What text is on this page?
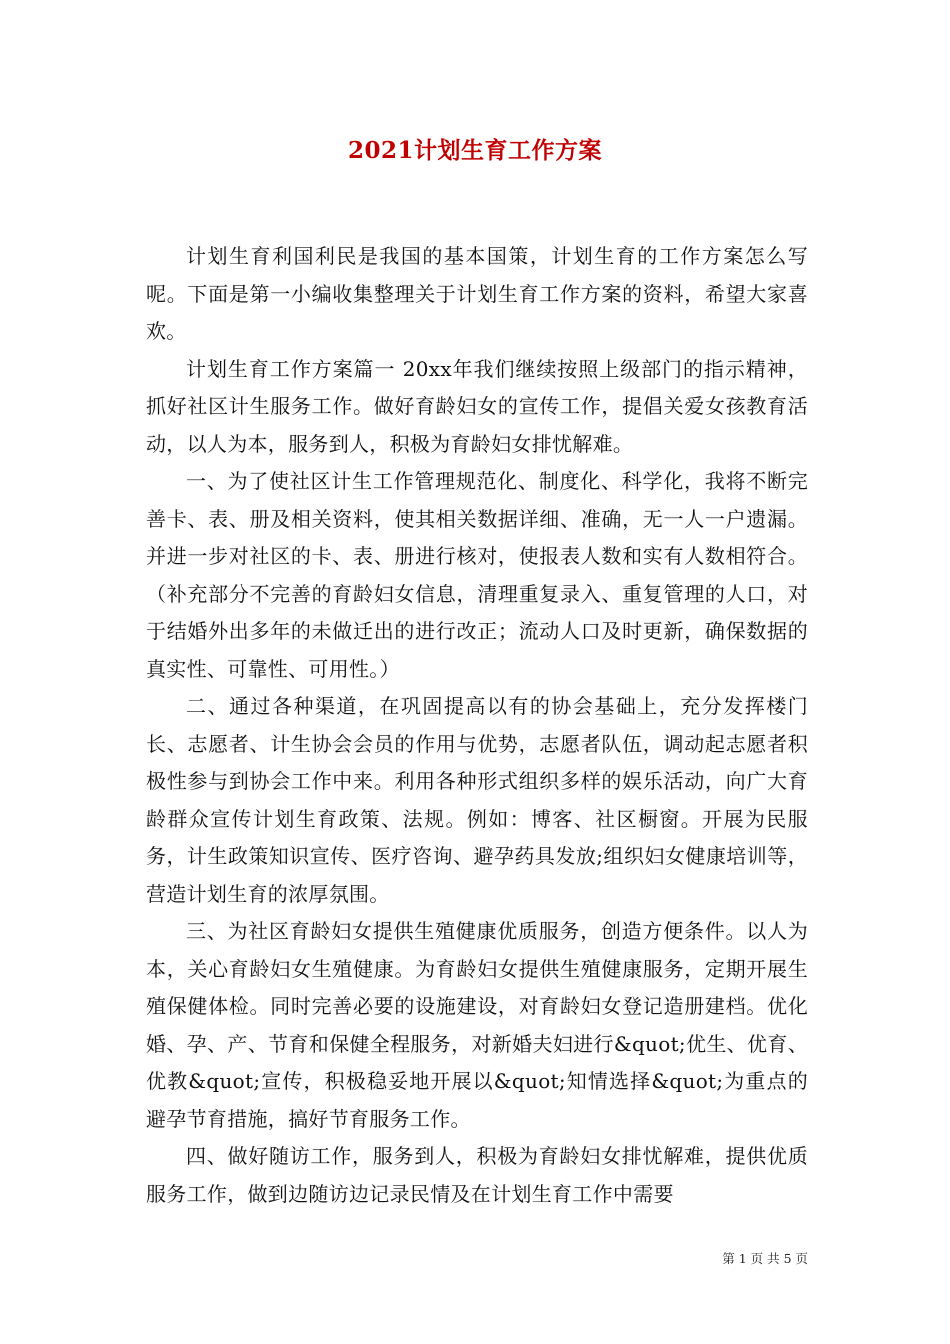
2021计划生育工作方案

计划生育利国利民是我国的基本国策，计划生育的工作方案怎么写呢。下面是第一小编收集整理关于计划生育工作方案的资料，希望大家喜欢。

计划生育工作方案篇一 20xx年我们继续按照上级部门的指示精神，抓好社区计生服务工作。做好育龄妇女的宣传工作，提倡关爱女孩教育活动，以人为本，服务到人，积极为育龄妇女排忧解难。

一、为了使社区计生工作管理规范化、制度化、科学化，我将不断完善卡、表、册及相关资料，使其相关数据详细、准确，无一人一户遗漏。并进一步对社区的卡、表、册进行核对，使报表人数和实有人数相符合。（补充部分不完善的育龄妇女信息，清理重复录入、重复管理的人口，对于结婚外出多年的未做迁出的进行改正；流动人口及时更新，确保数据的真实性、可靠性、可用性。）

二、通过各种渠道，在巩固提高以有的协会基础上，充分发挥楼门长、志愿者、计生协会会员的作用与优势，志愿者队伍，调动起志愿者积极性参与到协会工作中来。利用各种形式组织多样的娱乐活动，向广大育龄群众宣传计划生育政策、法规。例如：博客、社区橱窗。开展为民服务，计生政策知识宣传、医疗咨询、避孕药具发放;组织妇女健康培训等，营造计划生育的浓厚氛围。

三、为社区育龄妇女提供生殖健康优质服务，创造方便条件。以人为本，关心育龄妇女生殖健康。为育龄妇女提供生殖健康服务，定期开展生殖保健体检。同时完善必要的设施建设，对育龄妇女登记造册建档。优化婚、孕、产、节育和保健全程服务，对新婚夫妇进行&quot;优生、优育、优教&quot;宣传，积极稳妥地开展以&quot;知情选择&quot;为重点的避孕节育措施，搞好节育服务工作。

四、做好随访工作，服务到人，积极为育龄妇女排忧解难，提供优质服务工作，做到边随访边记录民情及在计划生育工作中需要

第 1 页 共 5 页
